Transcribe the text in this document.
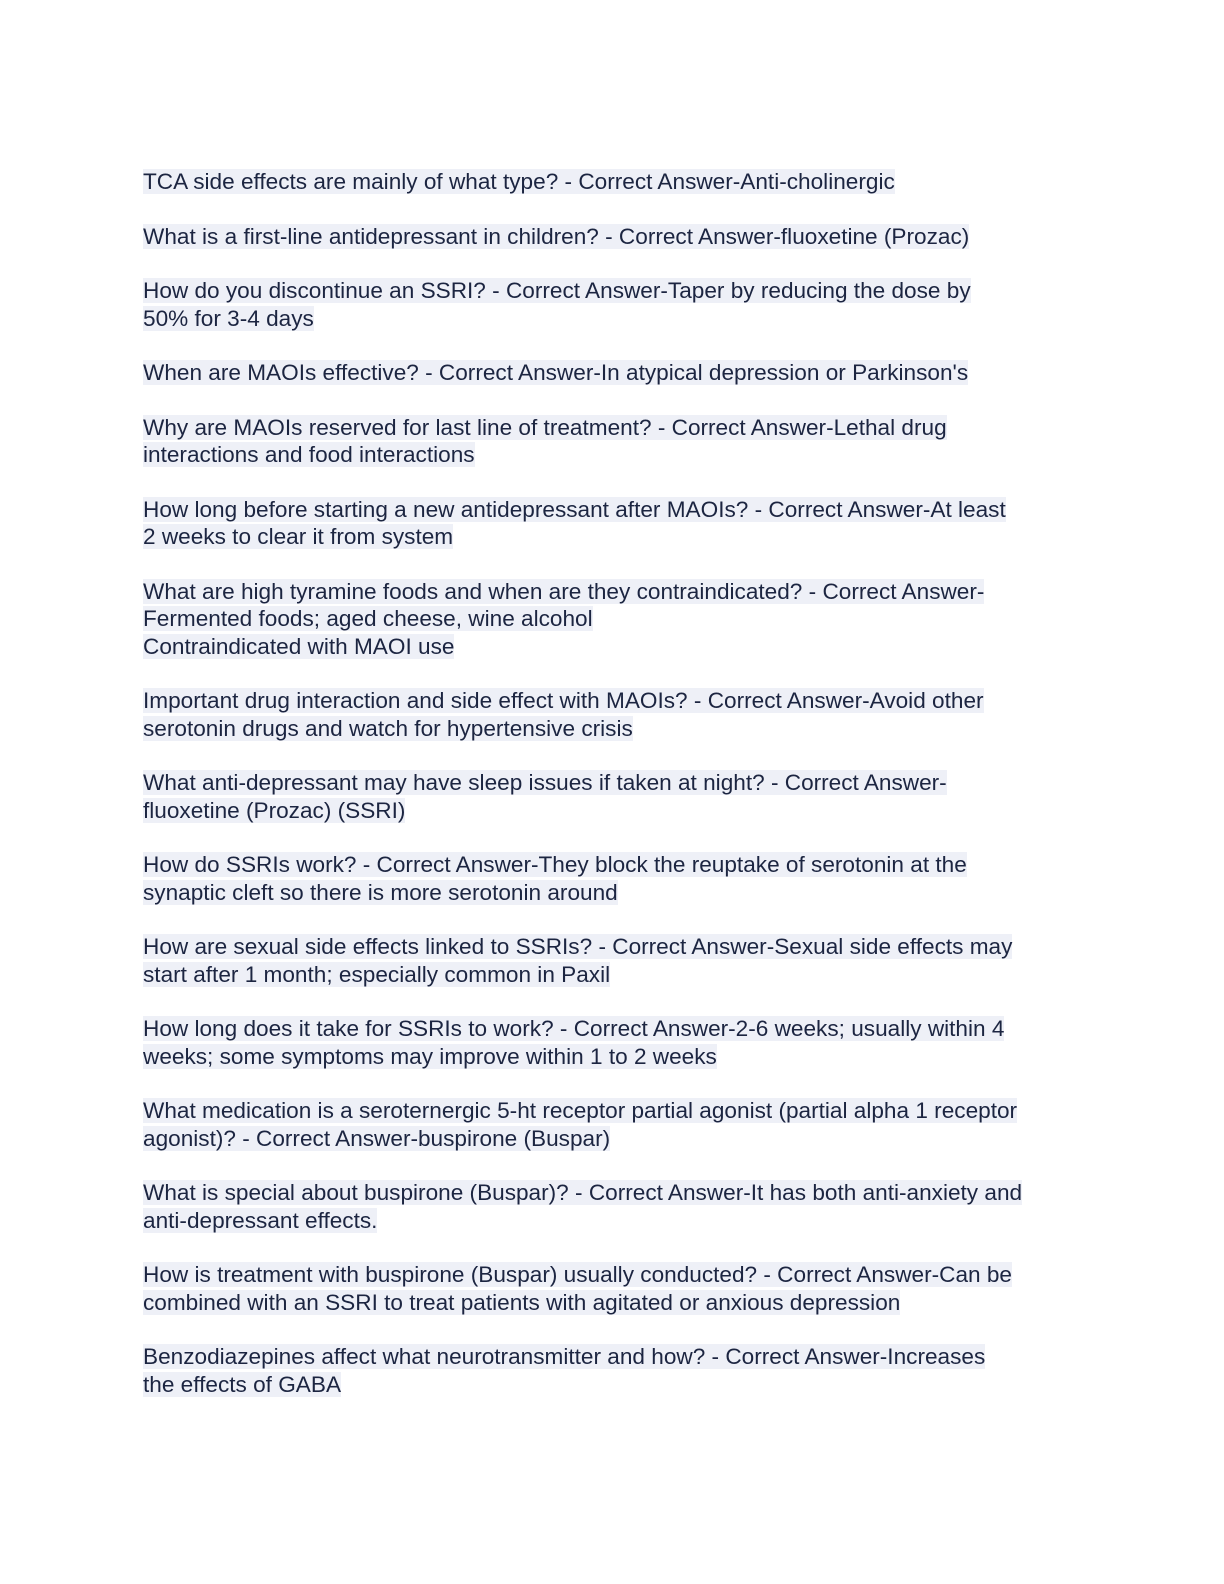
TCA side effects are mainly of what type? - Correct Answer-Anti-cholinergic
What is a first-line antidepressant in children? - Correct Answer-fluoxetine (Prozac)
How do you discontinue an SSRI? - Correct Answer-Taper by reducing the dose by
50% for 3-4 days
When are MAOIs effective? - Correct Answer-In atypical depression or Parkinson's
Why are MAOIs reserved for last line of treatment? - Correct Answer-Lethal drug
interactions and food interactions
How long before starting a new antidepressant after MAOIs? - Correct Answer-At least
2 weeks to clear it from system
What are high tyramine foods and when are they contraindicated? - Correct Answer-
Fermented foods; aged cheese, wine alcohol
Contraindicated with MAOI use
Important drug interaction and side effect with MAOIs? - Correct Answer-Avoid other
serotonin drugs and watch for hypertensive crisis
What anti-depressant may have sleep issues if taken at night? - Correct Answer-
fluoxetine (Prozac) (SSRI)
How do SSRIs work? - Correct Answer-They block the reuptake of serotonin at the
synaptic cleft so there is more serotonin around
How are sexual side effects linked to SSRIs? - Correct Answer-Sexual side effects may
start after 1 month; especially common in Paxil
How long does it take for SSRIs to work? - Correct Answer-2-6 weeks; usually within 4
weeks; some symptoms may improve within 1 to 2 weeks
What medication is a seroternergic 5-ht receptor partial agonist (partial alpha 1 receptor
agonist)? - Correct Answer-buspirone (Buspar)
What is special about buspirone (Buspar)? - Correct Answer-It has both anti-anxiety and
anti-depressant effects.
How is treatment with buspirone (Buspar) usually conducted? - Correct Answer-Can be
combined with an SSRI to treat patients with agitated or anxious depression
Benzodiazepines affect what neurotransmitter and how? - Correct Answer-Increases
the effects of GABA
